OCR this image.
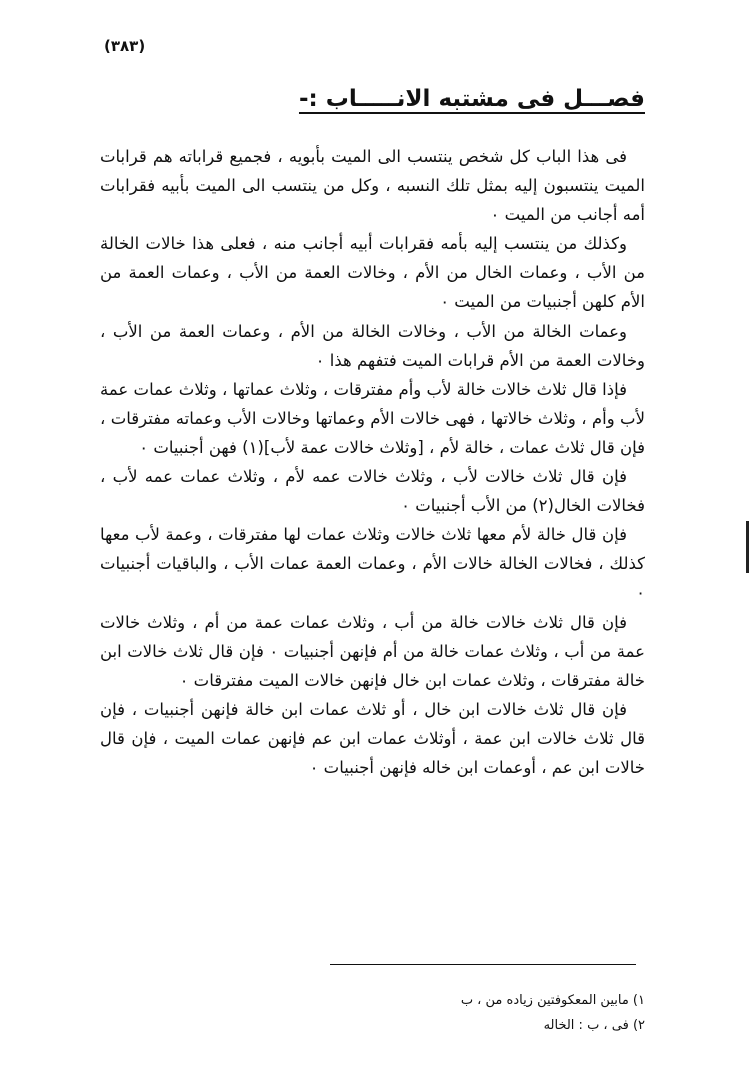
(٣٨٣)
فصـــل فى مشتبه الانـــــاب :-

فى هذا الباب كل شخص ينتسب الى الميت بأبويه ، فجميع قراباته هم قرابات الميت ينتسبون إليه بمثل تلك النسبه ، وكل من ينتسب الى الميت بأبيه فقرابات أمه أجانب من الميت ٠

وكذلك من ينتسب إليه بأمه فقرابات أبيه أجانب منه ، فعلى هذا خالات الخالة من الأب ، وعمات الخال من الأم ، وخالات العمة من الأب ، وعمات العمة من الأم كلهن أجنبيات من الميت ٠

وعمات الخالة من الأب ، وخالات الخالة من الأم ، وعمات العمة من الأب ، وخالات العمة من الأم قرابات الميت فتفهم هذا ٠

فإذا قال ثلاث خالات خالة لأب وأم مفترقات ، وثلاث عماتها ، وثلاث عمات عمة لأب وأم ، وثلاث خالاتها ، فهى خالات الأم وعماتها وخالات الأب وعماته مفترقات ، فإن قال ثلاث عمات ، خالة لأم ، [وثلاث خالات عمة لأب](١) فهن أجنبيات ٠

فإن قال ثلاث خالات لأب ، وثلاث خالات عمه لأم ، وثلاث عمات عمه لأب ، فخالات الخال(٢) من الأب أجنبيات ٠

فإن قال خالة لأم معها ثلاث خالات وثلاث عمات لها مفترقات ، وعمة لأب معها كذلك ، فخالات الخالة خالات الأم ، وعمات العمة عمات الأب ، والباقيات أجنبيات ٠

فإن قال ثلاث خالات خالة من أب ، وثلاث عمات عمة من أم ، وثلاث خالات عمة من أب ، وثلاث عمات خالة من أم فإنهن أجنبيات ٠ فإن قال ثلاث خالات ابن خالة مفترقات ، وثلاث عمات ابن خال فإنهن خالات الميت مفترقات ٠

فإن قال ثلاث خالات ابن خال ، أو ثلاث عمات ابن خالة فإنهن أجنبيات ، فإن قال ثلاث خالات ابن عمة ، أوثلاث عمات ابن عم فإنهن عمات الميت ، فإن قال خالات ابن عم ، أوعمات ابن خاله فإنهن أجنبيات ٠

١) مابين المعكوفتين زياده من ، ب

٢) فى ، ب : الخاله
